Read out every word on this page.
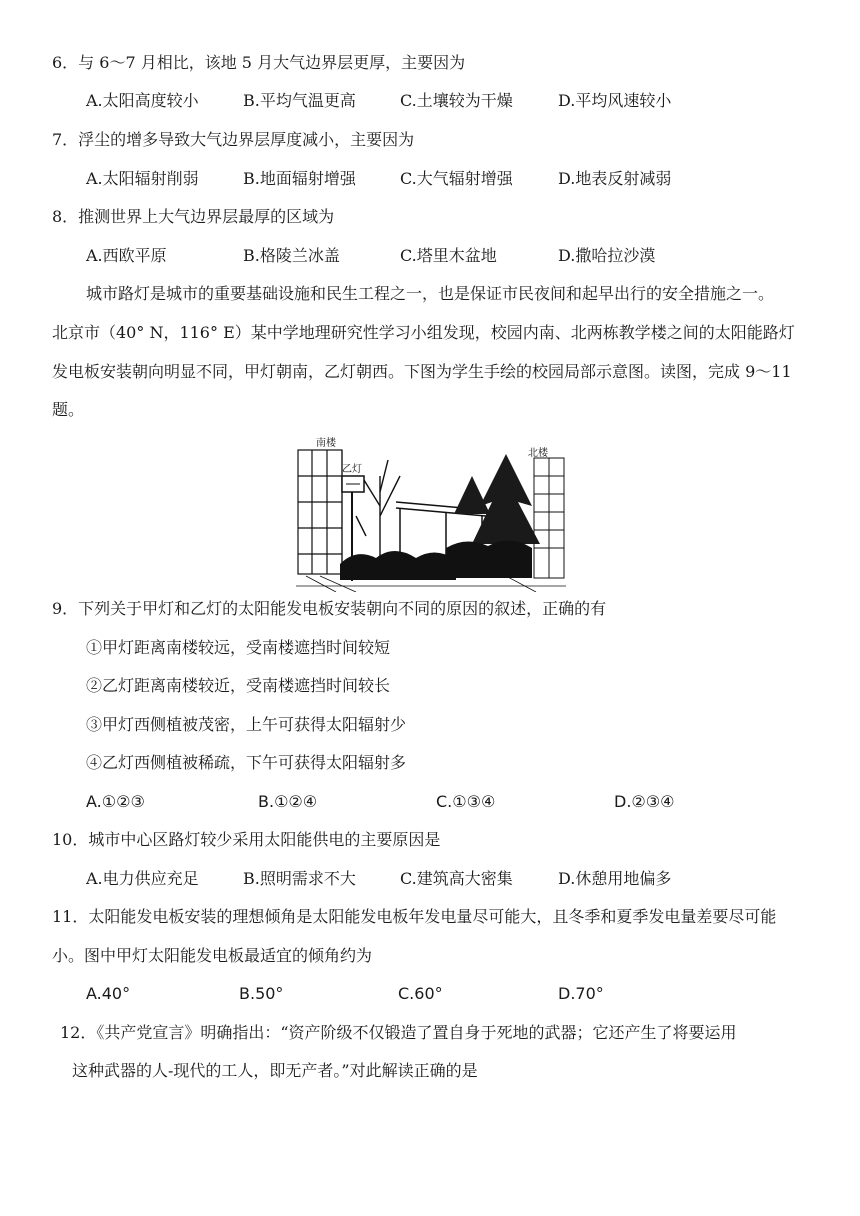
6．与 6～7 月相比，该地 5 月大气边界层更厚，主要因为
A.太阳高度较小	B.平均气温更高	C.土壤较为干燥	D.平均风速较小
7．浮尘的增多导致大气边界层厚度减小，主要因为
A.太阳辐射削弱	B.地面辐射增强	C.大气辐射增强	D.地表反射减弱
8．推测世界上大气边界层最厚的区域为
A.西欧平原	B.格陵兰冰盖	C.塔里木盆地	D.撒哈拉沙漠
城市路灯是城市的重要基础设施和民生工程之一，也是保证市民夜间和起早出行的安全措施之一。
北京市（40° N，116° E）某中学地理研究性学习小组发现，校园内南、北两栋教学楼之间的太阳能路灯
发电板安装朝向明显不同，甲灯朝南，乙灯朝西。下图为学生手绘的校园局部示意图。读图，完成 9～11
题。
南楼
乙灯
北楼
9．下列关于甲灯和乙灯的太阳能发电板安装朝向不同的原因的叙述，正确的有
①甲灯距离南楼较远，受南楼遮挡时间较短
②乙灯距离南楼较近，受南楼遮挡时间较长
③甲灯西侧植被茂密，上午可获得太阳辐射少
④乙灯西侧植被稀疏，下午可获得太阳辐射多
A.①②③	B.①②④	C.①③④	D.②③④
10．城市中心区路灯较少采用太阳能供电的主要原因是
A.电力供应充足	B.照明需求不大	C.建筑高大密集	D.休憩用地偏多
11．太阳能发电板安装的理想倾角是太阳能发电板年发电量尽可能大，且冬季和夏季发电量差要尽可能
小。图中甲灯太阳能发电板最适宜的倾角约为
A.40°	B.50°	C.60°	D.70°
12．《共产党宣言》明确指出：“资产阶级不仅锻造了置自身于死地的武器；它还产生了将要运用
这种武器的人-现代的工人，即无产者。”对此解读正确的是
